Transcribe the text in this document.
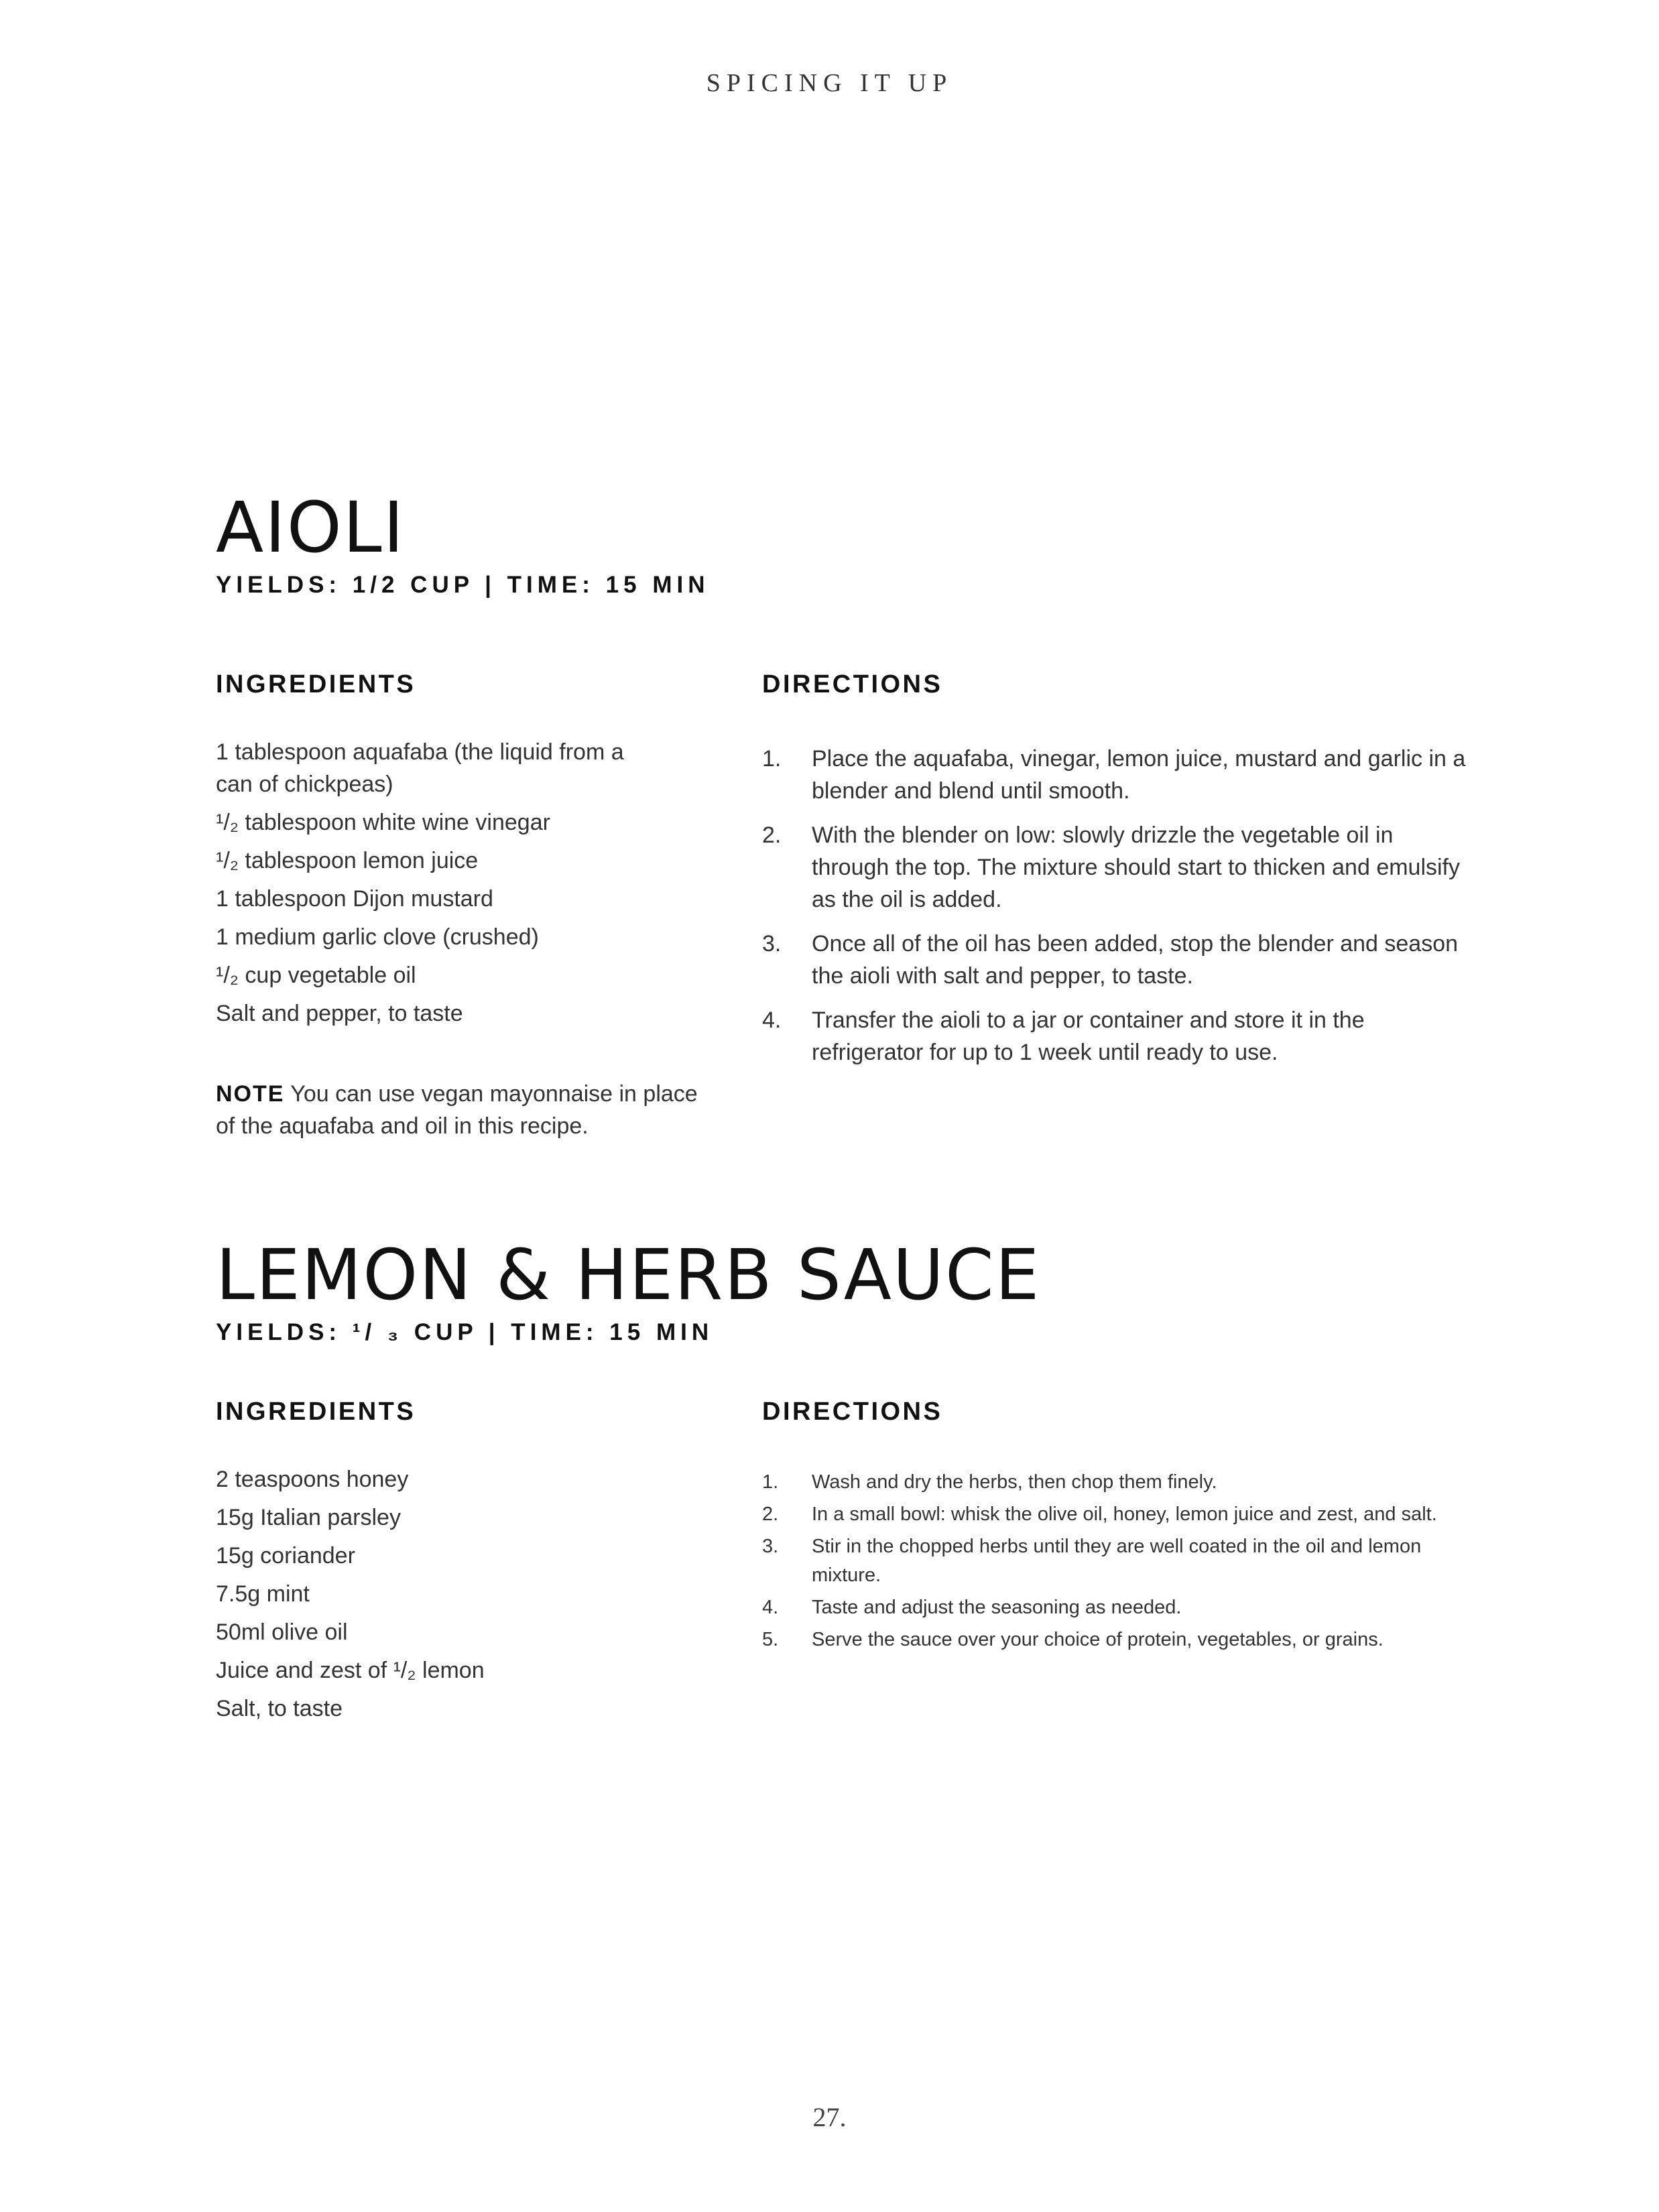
SPICING IT UP
AIOLI
YIELDS: 1/2 CUP | TIME: 15 MIN
INGREDIENTS
1 tablespoon aquafaba (the liquid from a can of chickpeas)
¹/₂ tablespoon white wine vinegar
¹/₂ tablespoon lemon juice
1 tablespoon Dijon mustard
1 medium garlic clove (crushed)
¹/₂ cup vegetable oil
Salt and pepper, to taste
NOTE You can use vegan mayonnaise in place of the aquafaba and oil in this recipe.
DIRECTIONS
1. Place the aquafaba, vinegar, lemon juice, mustard and garlic in a blender and blend until smooth.
2. With the blender on low: slowly drizzle the vegetable oil in through the top. The mixture should start to thicken and emulsify as the oil is added.
3. Once all of the oil has been added, stop the blender and season the aioli with salt and pepper, to taste.
4. Transfer the aioli to a jar or container and store it in the refrigerator for up to 1 week until ready to use.
LEMON & HERB SAUCE
YIELDS: ¹/ ₃ CUP | TIME: 15 MIN
INGREDIENTS
2 teaspoons honey
15g Italian parsley
15g coriander
7.5g mint
50ml olive oil
Juice and zest of ¹/₂ lemon
Salt, to taste
DIRECTIONS
1. Wash and dry the herbs, then chop them finely.
2. In a small bowl: whisk the olive oil, honey, lemon juice and zest, and salt.
3. Stir in the chopped herbs until they are well coated in the oil and lemon mixture.
4. Taste and adjust the seasoning as needed.
5. Serve the sauce over your choice of protein, vegetables, or grains.
27.
